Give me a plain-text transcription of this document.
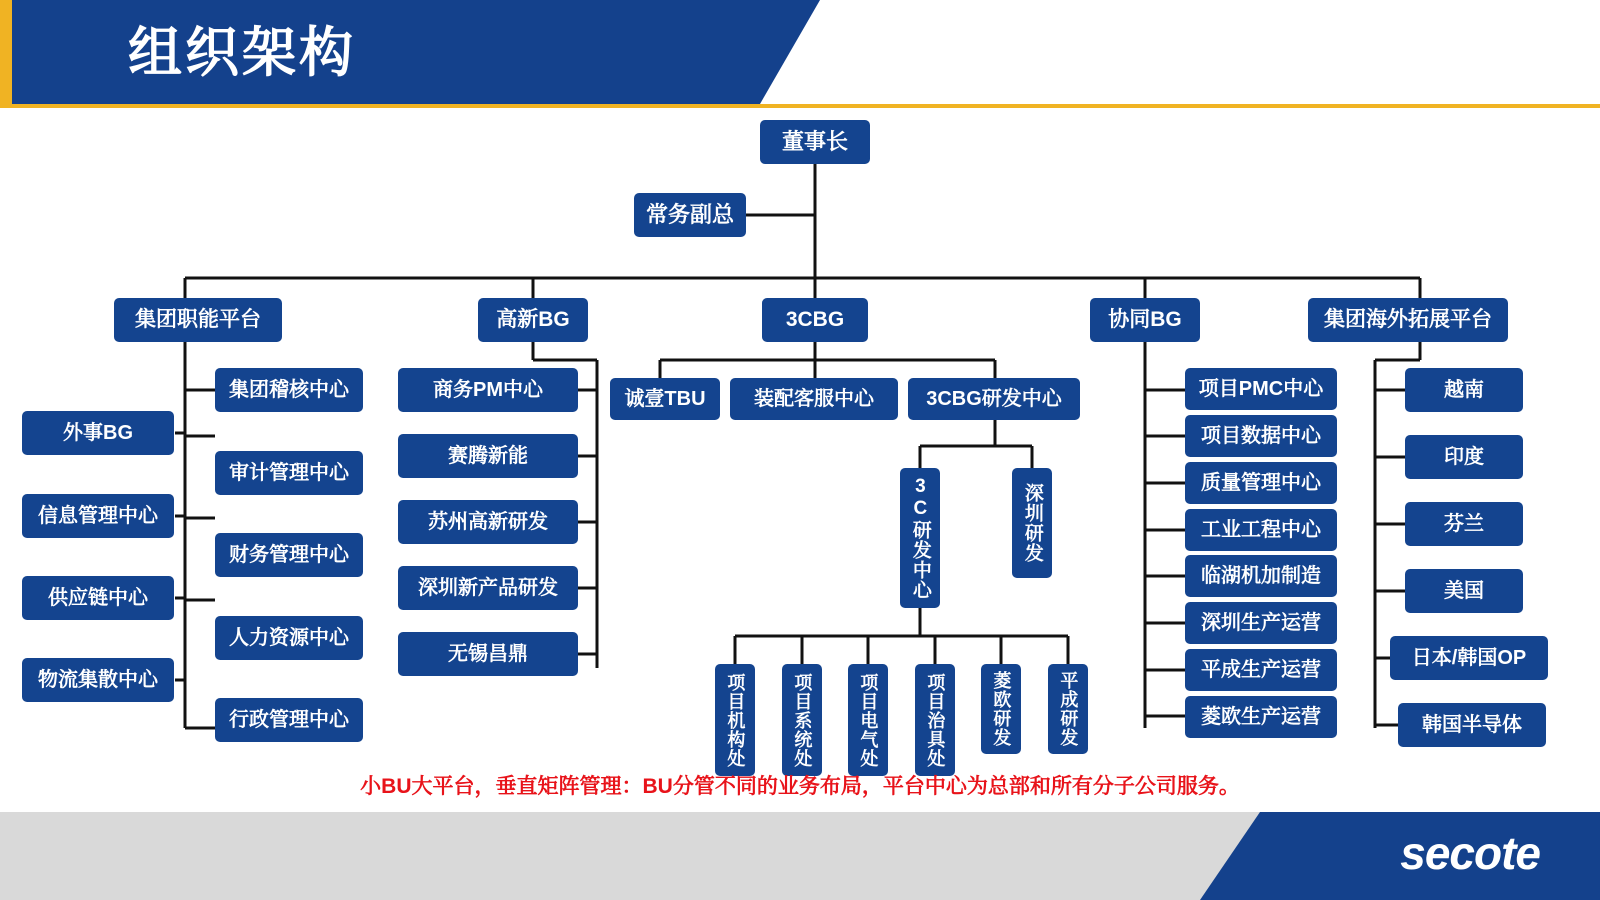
组织架构
董事长
常务副总
集团职能平台	高新BG	3CBG	协同BG	集团海外拓展平台
外事BG
信息管理中心
供应链中心
物流集散中心
集团稽核中心
审计管理中心
财务管理中心
人力资源中心
行政管理中心
商务PM中心
赛腾新能
苏州高新研发
深圳新产品研发
无锡昌鼎
诚壹TBU	装配客服中心	3CBG研发中心
3C研发中心	深圳研发
项目机构处	项目系统处	项目电气处	项目治具处	菱欧研发	平成研发
项目PMC中心
项目数据中心
质量管理中心
工业工程中心
临湖机加制造
深圳生产运营
平成生产运营
菱欧生产运营
越南
印度
芬兰
美国
日本/韩国OP
韩国半导体
小BU大平台，垂直矩阵管理：BU分管不同的业务布局，平台中心为总部和所有分子公司服务。
secote
